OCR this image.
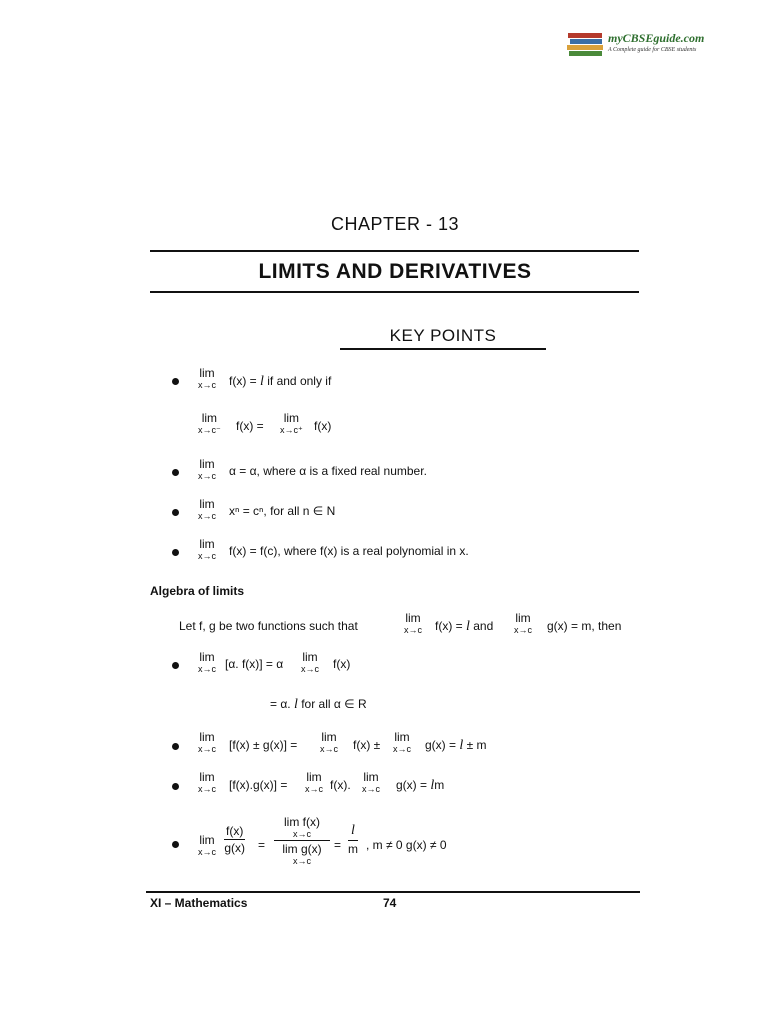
myCBSEguide.com
A Complete guide for CBSE students
CHAPTER - 13
LIMITS AND DERIVATIVES
KEY POINTS
lim
x→c f(x) = l if and only if
lim
x→c⁻ f(x) =
lim
x→c⁺ f(x)
lim
x→c α = α, where α is a fixed real number.
lim
x→c xⁿ = cⁿ, for all n ∈ N
lim
x→c f(x) = f(c), where f(x) is a real polynomial in x.
Algebra of limits
Let f, g be two functions such that
lim
x→c f(x) = l and
lim
x→c g(x) = m, then
lim
x→c [α. f(x)] = α lim
x→c f(x)
= α. l for all α ∈ R
lim
x→c [f(x) ± g(x)] =
lim
x→c f(x) ±
lim
x→c g(x) = l ± m
lim
x→c [f(x).g(x)] =
lim
x→c f(x).
lim
x→c g(x) = lm
lim
$x\to c \frac{f(x)}{g(x)}$ =
lim f(x)
x→c
lim g(x)
x→c
= $\frac{l}{m}$ , m ≠ 0 g(x) ≠ 0
XI – Mathematics	74
